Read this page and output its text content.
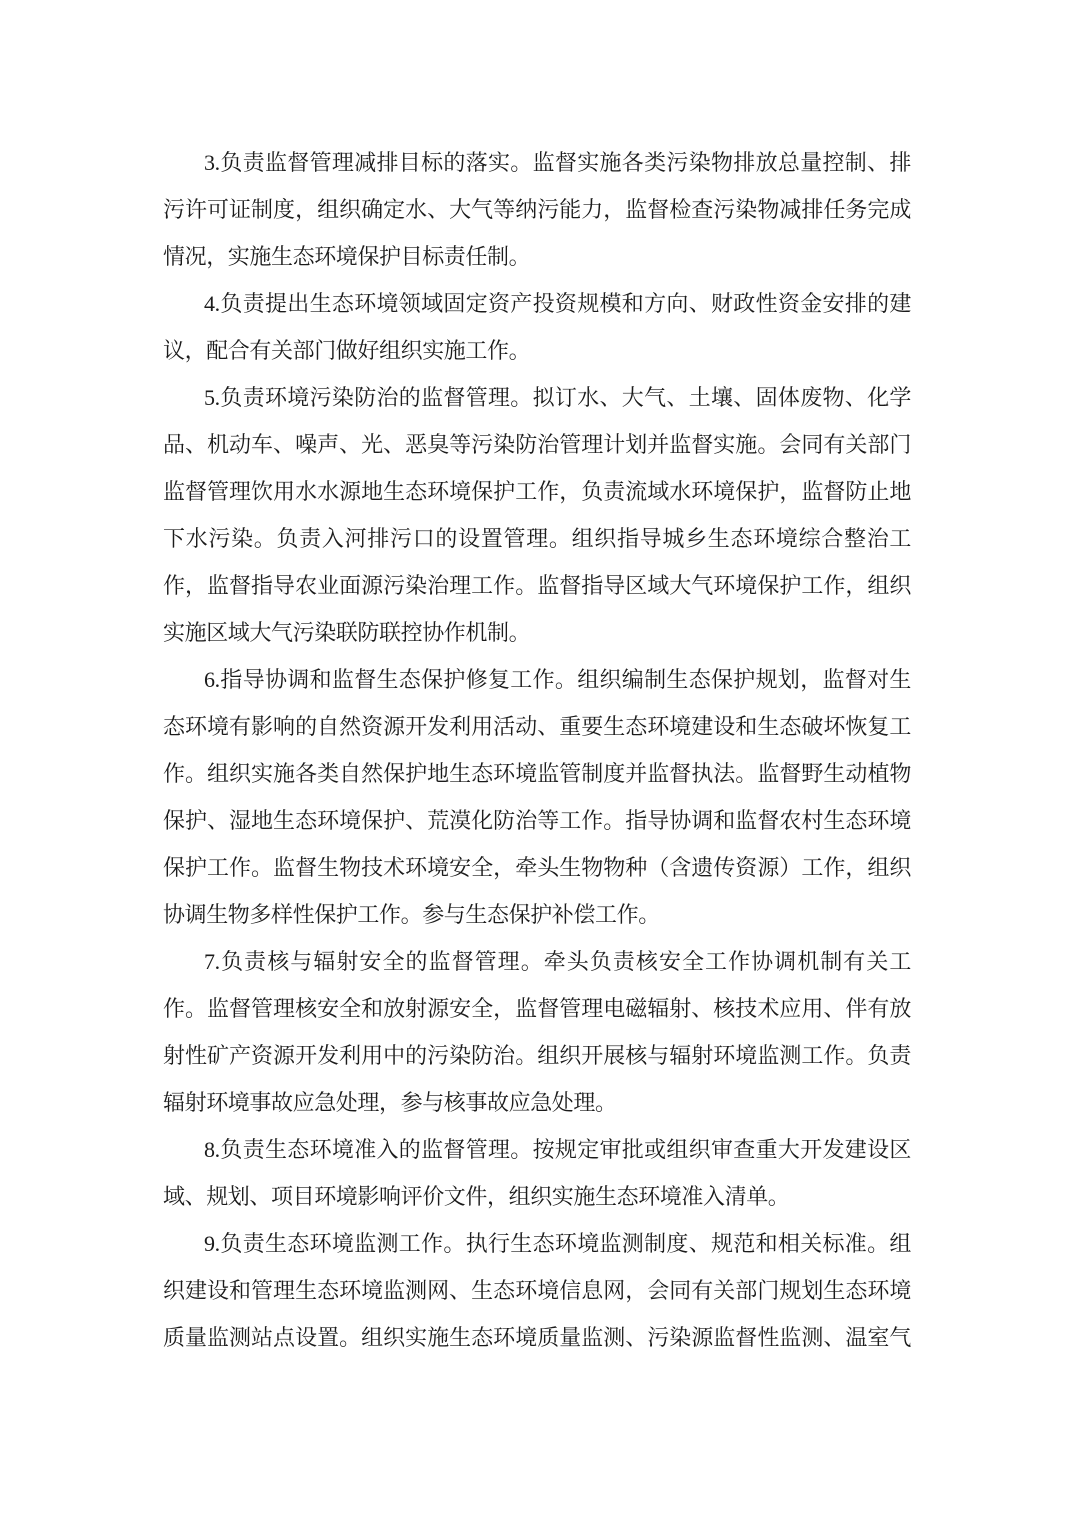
3.负责监督管理减排目标的落实。监督实施各类污染物排放总量控制、排
污许可证制度，组织确定水、大气等纳污能力，监督检查污染物减排任务完成
情况，实施生态环境保护目标责任制。
4.负责提出生态环境领域固定资产投资规模和方向、财政性资金安排的建
议，配合有关部门做好组织实施工作。
5.负责环境污染防治的监督管理。拟订水、大气、土壤、固体废物、化学
品、机动车、噪声、光、恶臭等污染防治管理计划并监督实施。会同有关部门
监督管理饮用水水源地生态环境保护工作，负责流域水环境保护，监督防止地
下水污染。负责入河排污口的设置管理。组织指导城乡生态环境综合整治工
作，监督指导农业面源污染治理工作。监督指导区域大气环境保护工作，组织
实施区域大气污染联防联控协作机制。
6.指导协调和监督生态保护修复工作。组织编制生态保护规划，监督对生
态环境有影响的自然资源开发利用活动、重要生态环境建设和生态破坏恢复工
作。组织实施各类自然保护地生态环境监管制度并监督执法。监督野生动植物
保护、湿地生态环境保护、荒漠化防治等工作。指导协调和监督农村生态环境
保护工作。监督生物技术环境安全，牵头生物物种（含遗传资源）工作，组织
协调生物多样性保护工作。参与生态保护补偿工作。
7.负责核与辐射安全的监督管理。牵头负责核安全工作协调机制有关工
作。监督管理核安全和放射源安全，监督管理电磁辐射、核技术应用、伴有放
射性矿产资源开发利用中的污染防治。组织开展核与辐射环境监测工作。负责
辐射环境事故应急处理，参与核事故应急处理。
8.负责生态环境准入的监督管理。按规定审批或组织审查重大开发建设区
域、规划、项目环境影响评价文件，组织实施生态环境准入清单。
9.负责生态环境监测工作。执行生态环境监测制度、规范和相关标准。组
织建设和管理生态环境监测网、生态环境信息网，会同有关部门规划生态环境
质量监测站点设置。组织实施生态环境质量监测、污染源监督性监测、温室气
